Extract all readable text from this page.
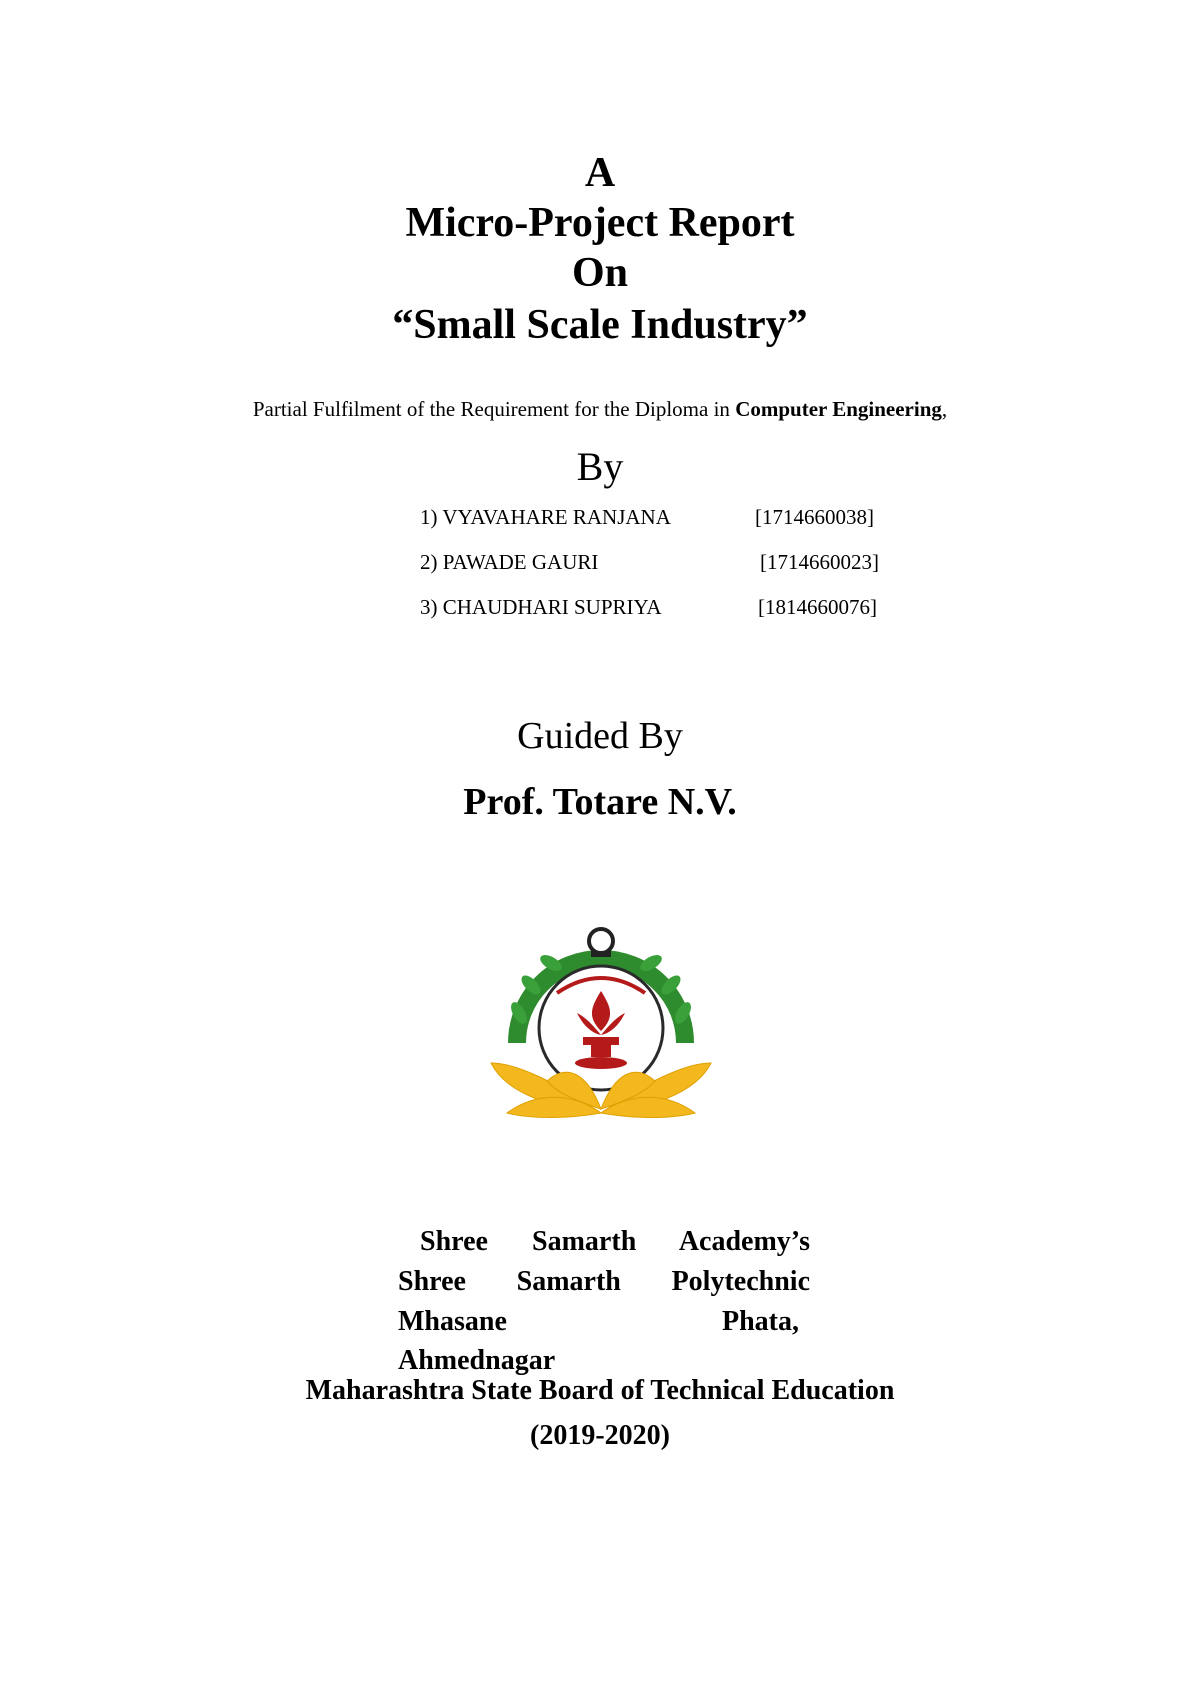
A
Micro-Project Report
On
“Small Scale Industry”
Partial Fulfilment of the Requirement for the Diploma in Computer Engineering,
By
1) VYAVAHARE RANJANA	[1714660038]
2) PAWADE GAURI	[1714660023]
3) CHAUDHARI SUPRIYA	[1814660076]
Guided By
Prof. Totare N.V.
Shree Samarth Academy’s
Shree Samarth Polytechnic
Mhasane	Phata,
Ahmednagar
Maharashtra State Board of Technical Education
(2019-2020)
